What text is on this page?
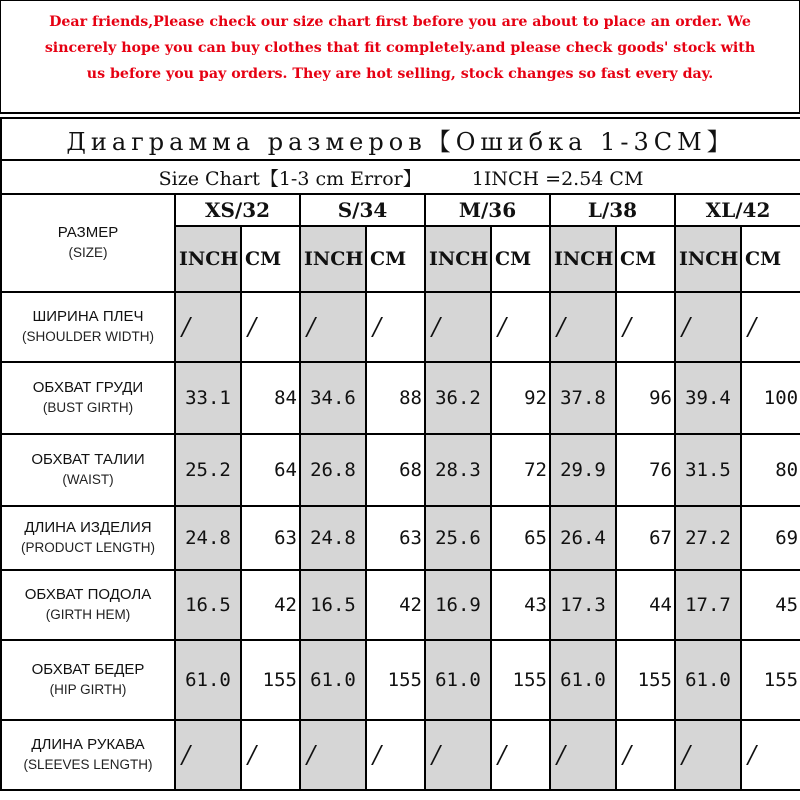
Dear friends,Please check our size chart first before you are about to place an order. We
sincerely hope you can buy clothes that fit completely.and please check goods' stock with
us before you pay orders. They are hot selling, stock changes so fast every day.
Диаграмма размеров【Ошибка 1-3CM】										
Size Chart【1-3 cm Error】 1INCH =2.54 CM										

РАЗМЕР
(SIZE)	XS/32		S/34		M/36		L/38		XL/42	
	INCH	CM	INCH	CM	INCH	CM	INCH	CM	INCH	CM

ШИРИНА ПЛЕЧ
(SHOULDER WIDTH)	/	/	/	/	/	/	/	/	/	/

ОБХВАТ ГРУДИ
(BUST GIRTH)	33.1	84	34.6	88	36.2	92	37.8	96	39.4	100

ОБХВАТ ТАЛИИ
(WAIST)	25.2	64	26.8	68	28.3	72	29.9	76	31.5	80

ДЛИНА ИЗДЕЛИЯ
(PRODUCT LENGTH)	24.8	63	24.8	63	25.6	65	26.4	67	27.2	69

ОБХВАТ ПОДОЛА
(GIRTH HEM)	16.5	42	16.5	42	16.9	43	17.3	44	17.7	45

ОБХВАТ БЕДЕР
(HIP GIRTH)	61.0	155	61.0	155	61.0	155	61.0	155	61.0	155

ДЛИНА РУКАВА
(SLEEVES LENGTH)	/	/	/	/	/	/	/	/	/	/
